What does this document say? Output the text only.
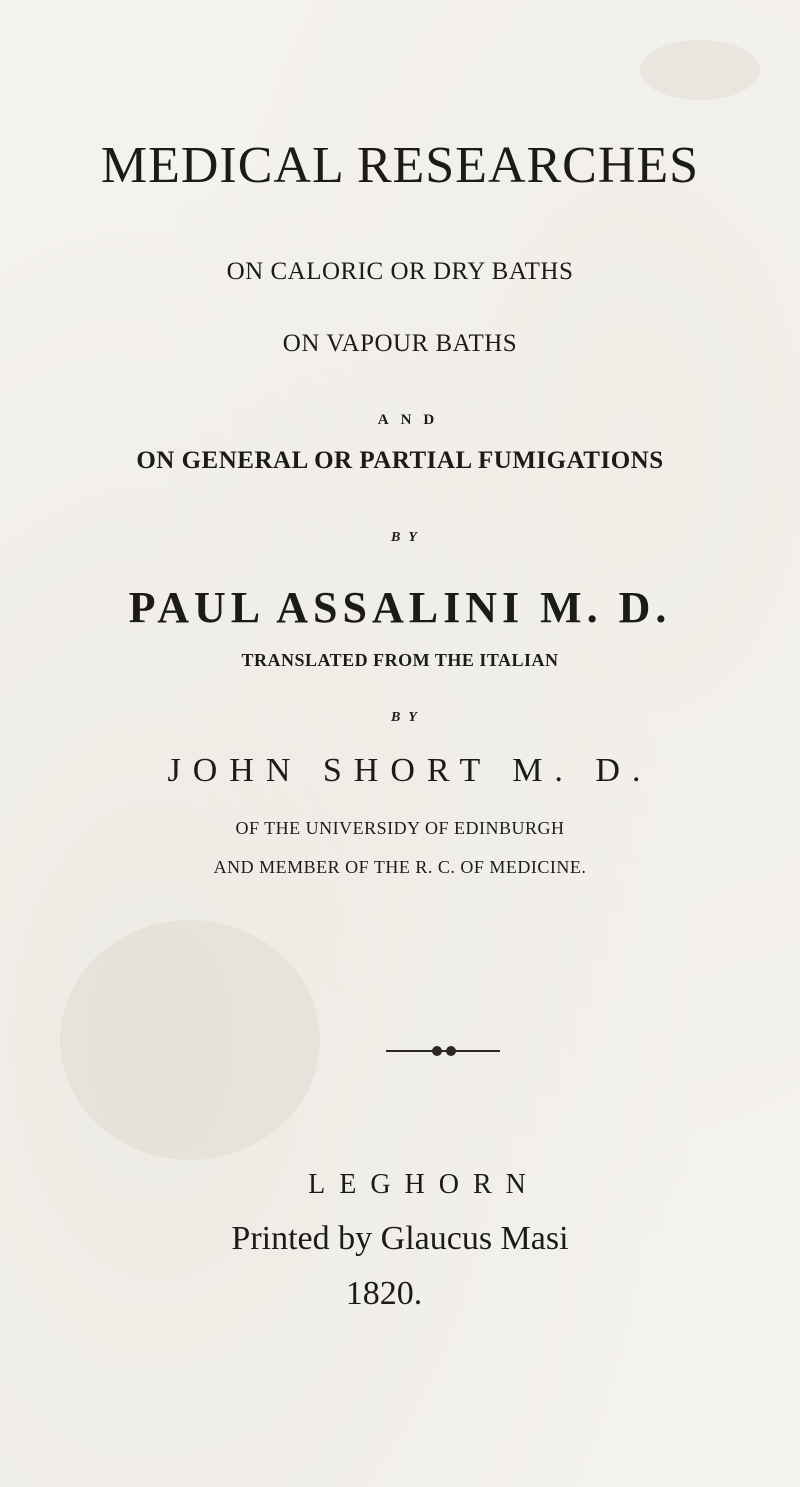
MEDICAL RESEARCHES
ON CALORIC OR DRY BATHS
ON VAPOUR BATHS
AND
ON GENERAL OR PARTIAL FUMIGATIONS
BY
PAUL ASSALINI M. D.
TRANSLATED FROM THE ITALIAN
BY
JOHN SHORT M. D.
OF THE UNIVERSIDY OF EDINBURGH
AND MEMBER OF THE R. C. OF MEDICINE.
LEGHORN
Printed by Glaucus Masi
1820.
